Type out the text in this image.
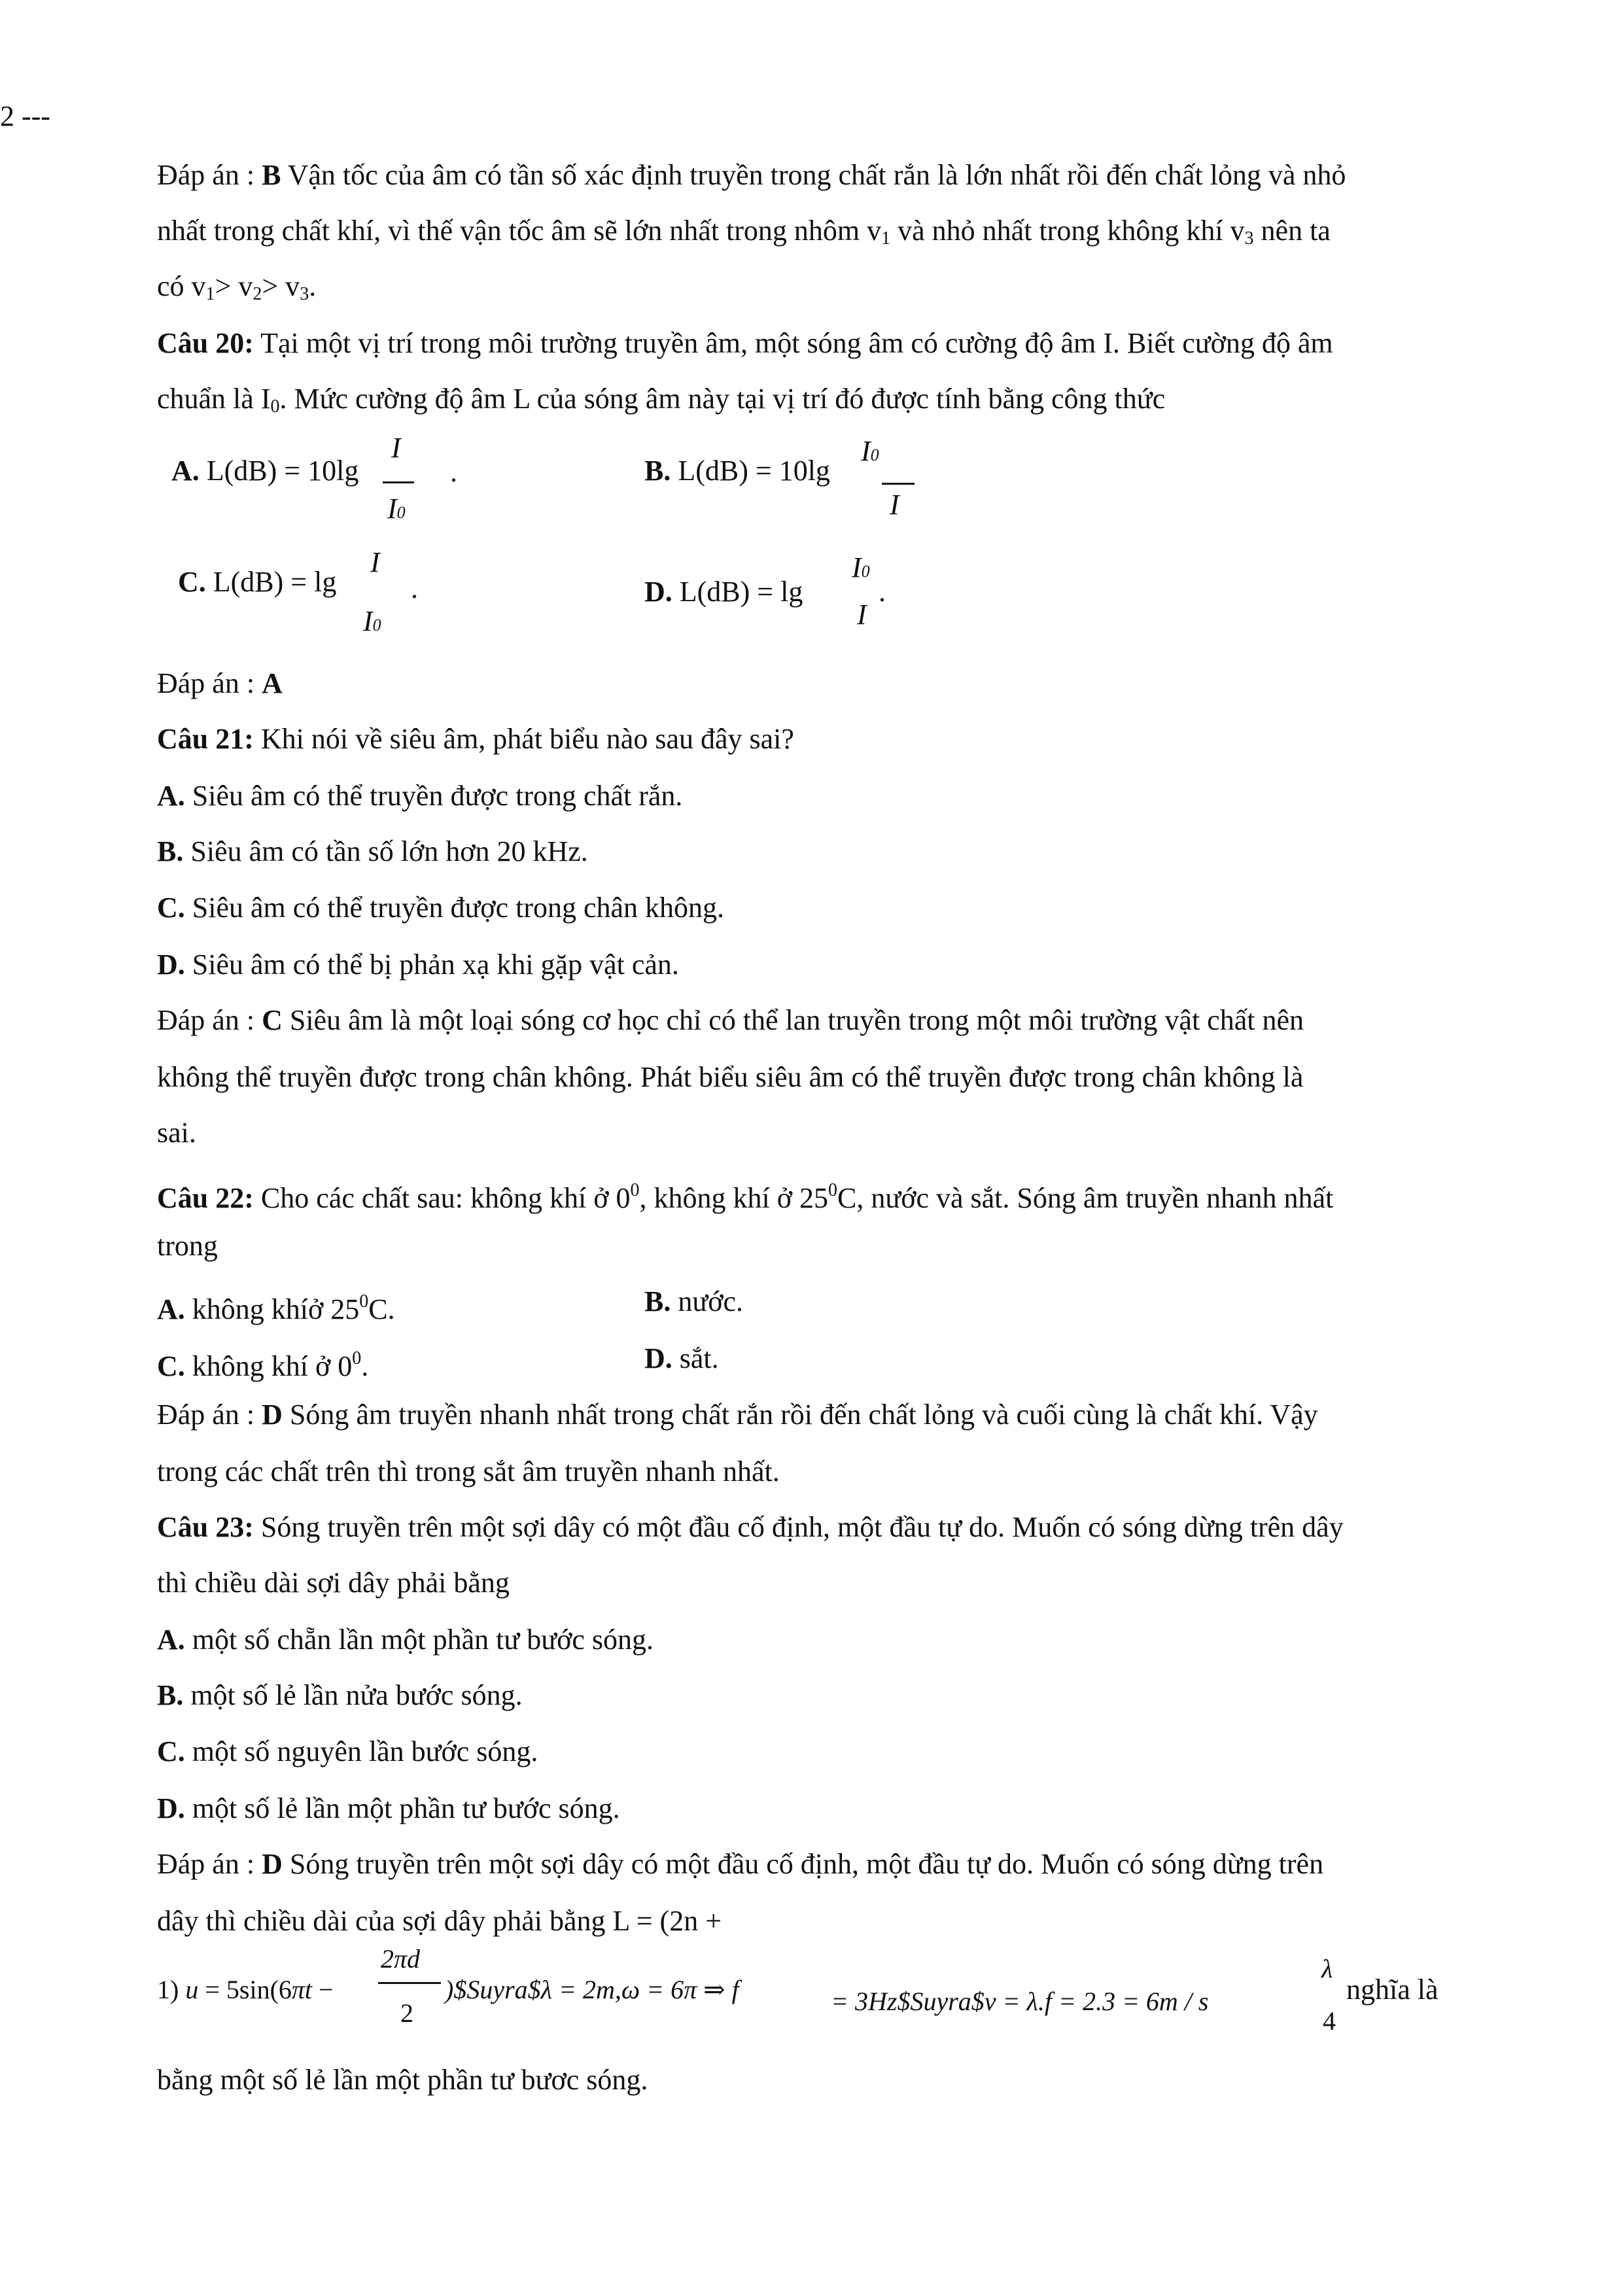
2 ---
Đáp án : B Vận tốc của âm có tần số xác định truyền trong chất rắn là lớn nhất rồi đến chất lỏng và nhỏ
nhất trong chất khí, vì thế vận tốc âm sẽ lớn nhất trong nhôm $v_1$ và nhỏ nhất trong không khí $v_3$ nên ta
có $v_1> v_2> v_3$.
Câu 20: Tại một vị trí trong môi trường truyền âm, một sóng âm có cường độ âm I. Biết cường độ âm
chuẩn là $I_0$. Mức cường độ âm L của sóng âm này tại vị trí đó được tính bằng công thức
A. L(dB) = 10lg
I
I0
.	B. L(dB) = 10lg
I0
I
C. L(dB) = lg
I
I0
.	D. L(dB) = lg
I0
I
.
Đáp án : A
Câu 21: Khi nói về siêu âm, phát biểu nào sau đây sai?
A. Siêu âm có thể truyền được trong chất rắn.
B. Siêu âm có tần số lớn hơn 20 kHz.
C. Siêu âm có thể truyền được trong chân không.
D. Siêu âm có thể bị phản xạ khi gặp vật cản.
Đáp án : C Siêu âm là một loại sóng cơ học chỉ có thể lan truyền trong một môi trường vật chất nên
không thể truyền được trong chân không. Phát biểu siêu âm có thể truyền được trong chân không là
sai.
Câu 22: Cho các chất sau: không khí ở $0^0$, không khí ở $25^0C$, nước và sắt. Sóng âm truyền nhanh nhất
trong
A. không khíở $25^0C$.	B. nước.
C. không khí ở $0^0$.	D. sắt.
Đáp án : D Sóng âm truyền nhanh nhất trong chất rắn rồi đến chất lỏng và cuối cùng là chất khí. Vậy
trong các chất trên thì trong sắt âm truyền nhanh nhất.
Câu 23: Sóng truyền trên một sợi dây có một đầu cố định, một đầu tự do. Muốn có sóng dừng trên dây
thì chiều dài sợi dây phải bằng
A. một số chẵn lần một phần tư bước sóng.
B. một số lẻ lần nửa bước sóng.
C. một số nguyên lần bước sóng.
D. một số lẻ lần một phần tư bước sóng.
Đáp án : D Sóng truyền trên một sợi dây có một đầu cố định, một đầu tự do. Muốn có sóng dừng trên
dây thì chiều dài của sợi dây phải bằng L = (2n +
1) u = 5sin(6πt −
2πd
2
)$Suyra$λ = 2m,ω = 6π ⇒ f	= 3Hz$Suyra$v = λ.f = 2.3 = 6m / s
λ
4
nghĩa là
bằng một số lẻ lần một phần tư bươc sóng.
